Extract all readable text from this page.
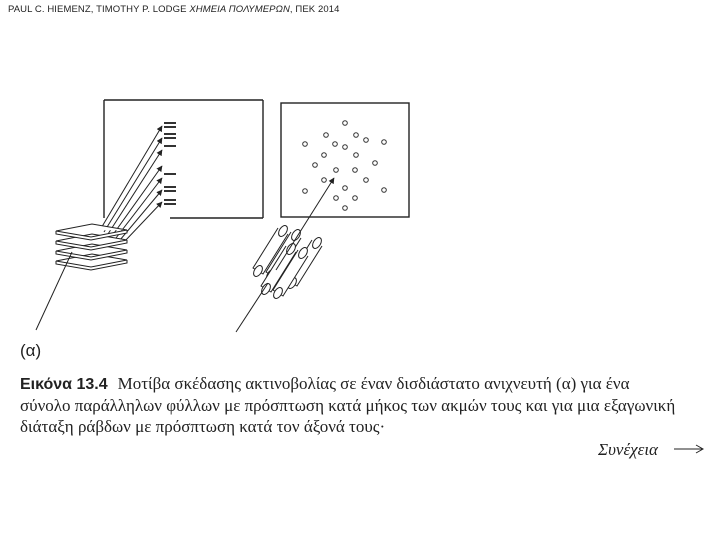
PAUL C. HIEMENZ, TIMOTHY P. LODGE ΧΗΜΕΙΑ ΠΟΛΥΜΕΡΩΝ, ΠΕΚ 2014
(α)
Εικόνα 13.4 Μοτίβα σκέδασης ακτινοβολίας σε έναν δισδιάστατο ανιχνευτή (α) για ένα σύνολο παράλληλων φύλλων με πρόσπτωση κατά μήκος των ακμών τους και για μια εξαγωνική διάταξη ράβδων με πρόσπτωση κατά τον άξονά τους·
Συνέχεια
